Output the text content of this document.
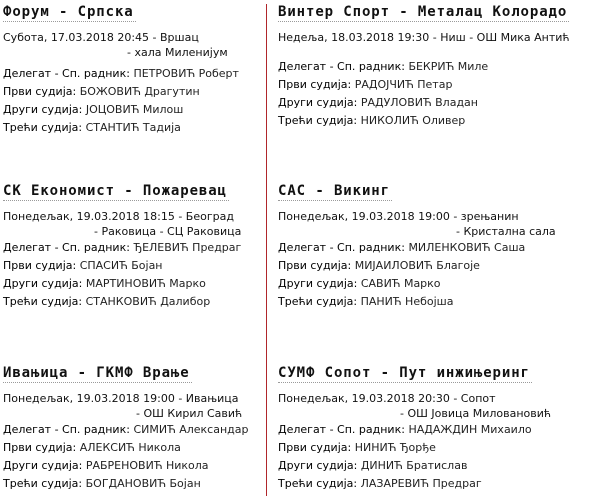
Форум - Српска
Субота, 17.03.2018 20:45 - Вршац
- хала Миленијум
Делегат - Сп. радник: ПЕТРОВИЋ Роберт
Први судија: БОЖОВИЋ Драгутин
Други судија: ЈОЦОВИЋ Милош
Трећи судија: СТАНТИЋ Тадија
СК Економист - Пожаревац
Понедељак, 19.03.2018 18:15 - Београд
- Раковица - СЦ Раковица
Делегат - Сп. радник: ЂЕЛЕВИЋ Предраг
Први судија: СПАСИЋ Бојан
Други судија: МАРТИНОВИЋ Марко
Трећи судија: СТАНКОВИЋ Далибор
Ивањица - ГКМФ Врање
Понедељак, 19.03.2018 19:00 - Ивањица
- ОШ Кирил Савић
Делегат - Сп. радник: СИМИЋ Александар
Први судија: АЛЕКСИЋ Никола
Други судија: РАБРЕНОВИЋ Никола
Трећи судија: БОГДАНОВИЋ Бојан
Винтер Спорт - Металац Колорадо
Недеља, 18.03.2018 19:30 - Ниш - ОШ Мика Антић
Делегат - Сп. радник: БЕКРИЋ Миле
Први судија: РАДОЈЧИЋ Петар
Други судија: РАДУЛОВИЋ Владан
Трећи судија: НИКОЛИЋ Оливер
САС - Викинг
Понедељак, 19.03.2018 19:00 - зрењанин
- Кристална сала
Делегат - Сп. радник: МИЛЕНКОВИЋ Саша
Први судија: МИЈАИЛОВИЋ Благоје
Други судија: САВИЋ Марко
Трећи судија: ПАНИЋ Небојша
СУМФ Сопот - Пут инжињеринг
Понедељак, 19.03.2018 20:30 - Сопот
- ОШ Јовица Миловановић
Делегат - Сп. радник: НАДАЖДИН Михаило
Први судија: НИНИЋ Ђорђе
Други судија: ДИНИЋ Братислав
Трећи судија: ЛАЗАРЕВИЋ Предраг
